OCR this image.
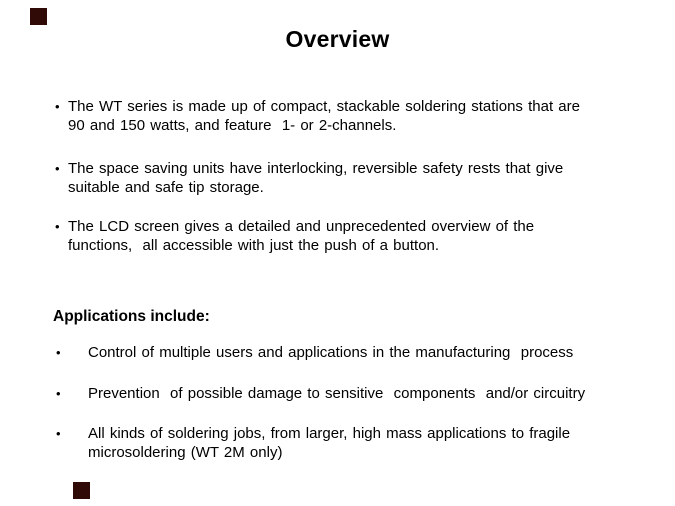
Overview
• The WT series is made up of compact, stackable soldering stations that are
90 and 150 watts, and feature  1- or 2-channels.
• The space saving units have interlocking, reversible safety rests that give
suitable and safe tip storage.
• The LCD screen gives a detailed and unprecedented overview of the
functions,  all accessible with just the push of a button.
Applications include:
• Control of multiple users and applications in the manufacturing  process
• Prevention  of possible damage to sensitive  components  and/or circuitry
• All kinds of soldering jobs, from larger, high mass applications to fragile
microsoldering (WT 2M only)
